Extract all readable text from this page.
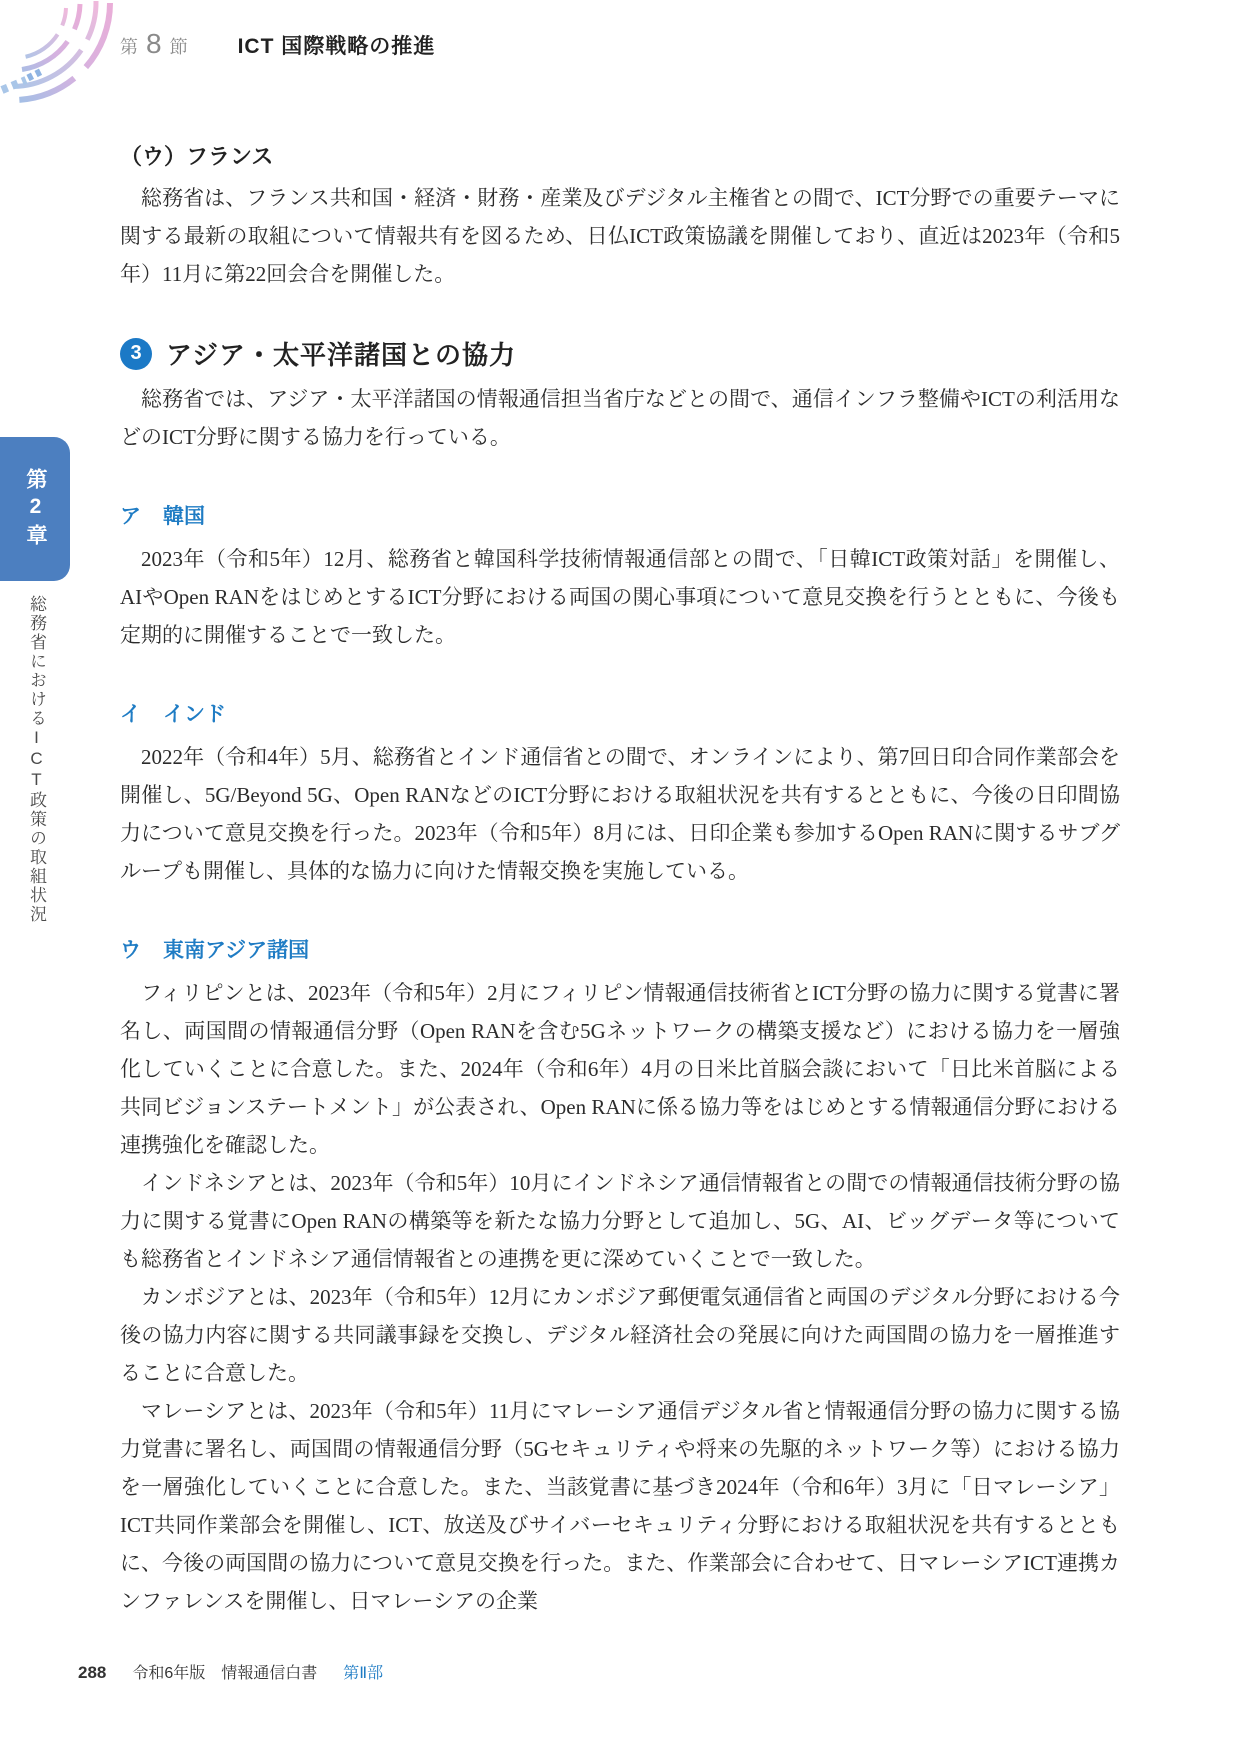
第 8 節 ICT 国際戦略の推進
第2章
総務省におけるICT政策の取組状況
（ウ）フランス

総務省は、フランス共和国・経済・財務・産業及びデジタル主権省との間で、ICT分野での重要テーマに関する最新の取組について情報共有を図るため、日仏ICT政策協議を開催しており、直近は2023年（令和5年）11月に第22回会合を開催した。

3 アジア・太平洋諸国との協力

総務省では、アジア・太平洋諸国の情報通信担当省庁などとの間で、通信インフラ整備やICTの利活用などのICT分野に関する協力を行っている。

ア 韓国

2023年（令和5年）12月、総務省と韓国科学技術情報通信部との間で、「日韓ICT政策対話」を開催し、AIやOpen RANをはじめとするICT分野における両国の関心事項について意見交換を行うとともに、今後も定期的に開催することで一致した。

イ インド

2022年（令和4年）5月、総務省とインド通信省との間で、オンラインにより、第7回日印合同作業部会を開催し、5G/Beyond 5G、Open RANなどのICT分野における取組状況を共有するとともに、今後の日印間協力について意見交換を行った。2023年（令和5年）8月には、日印企業も参加するOpen RANに関するサブグループも開催し、具体的な協力に向けた情報交換を実施している。

ウ 東南アジア諸国

フィリピンとは、2023年（令和5年）2月にフィリピン情報通信技術省とICT分野の協力に関する覚書に署名し、両国間の情報通信分野（Open RANを含む5Gネットワークの構築支援など）における協力を一層強化していくことに合意した。また、2024年（令和6年）4月の日米比首脳会談において「日比米首脳による共同ビジョンステートメント」が公表され、Open RANに係る協力等をはじめとする情報通信分野における連携強化を確認した。

インドネシアとは、2023年（令和5年）10月にインドネシア通信情報省との間での情報通信技術分野の協力に関する覚書にOpen RANの構築等を新たな協力分野として追加し、5G、AI、ビッグデータ等についても総務省とインドネシア通信情報省との連携を更に深めていくことで一致した。

カンボジアとは、2023年（令和5年）12月にカンボジア郵便電気通信省と両国のデジタル分野における今後の協力内容に関する共同議事録を交換し、デジタル経済社会の発展に向けた両国間の協力を一層推進することに合意した。

マレーシアとは、2023年（令和5年）11月にマレーシア通信デジタル省と情報通信分野の協力に関する協力覚書に署名し、両国間の情報通信分野（5Gセキュリティや将来の先駆的ネットワーク等）における協力を一層強化していくことに合意した。また、当該覚書に基づき2024年（令和6年）3月に「日マレーシア」ICT共同作業部会を開催し、ICT、放送及びサイバーセキュリティ分野における取組状況を共有するとともに、今後の両国間の協力について意見交換を行った。また、作業部会に合わせて、日マレーシアICT連携カンファレンスを開催し、日マレーシアの企業

288 令和6年版　情報通信白書 第Ⅱ部
